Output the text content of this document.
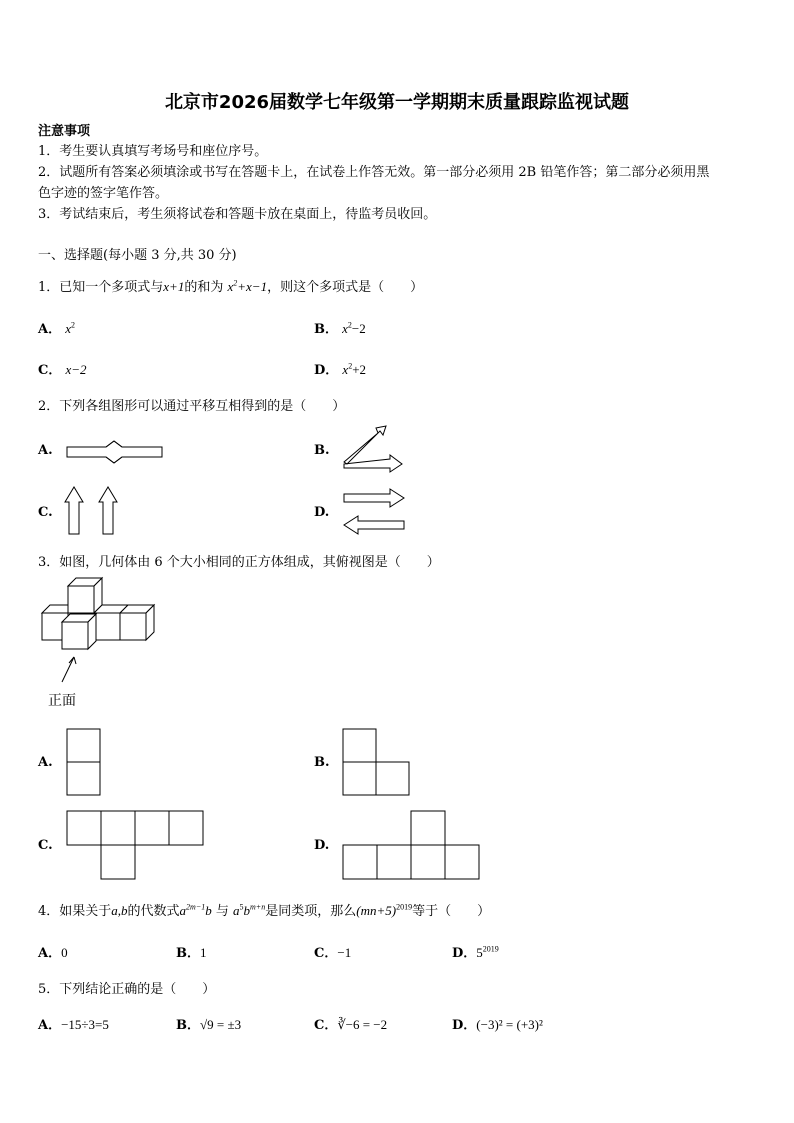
北京市2026届数学七年级第一学期期末质量跟踪监视试题
注意事项
1．考生要认真填写考场号和座位序号。
2．试题所有答案必须填涂或书写在答题卡上，在试卷上作答无效。第一部分必须用 2B 铅笔作答；第二部分必须用黑
色字迹的签字笔作答。
3．考试结束后，考生须将试卷和答题卡放在桌面上，待监考员收回。
一、选择题(每小题 3 分,共 30 分)
1．已知一个多项式与x+1的和为 $x^2+x-1$，则这个多项式是（　　）
A． $x^2$	B． $x^2-2$
C． x−2	D． $x^2+2$
2．下列各组图形可以通过平移互相得到的是（　　）
A.	B.
C.	D.
3．如图，几何体由 6 个大小相同的正方体组成，其俯视图是（　　）
正面
A.	B.
C.	D.
4．如果关于a,b的代数式$a^{2m-1}b$ 与 $a^5b^{m+n}$是同类项，那么$(mn+5)^{2019}$等于（　　）
A．0	B．1	C．−1	D．$5^{2019}$
5．下列结论正确的是（　　）
A．−15÷3=5	B．√9 = ±3	C．∛−6 = −2	D．(−3)² = (+3)²
